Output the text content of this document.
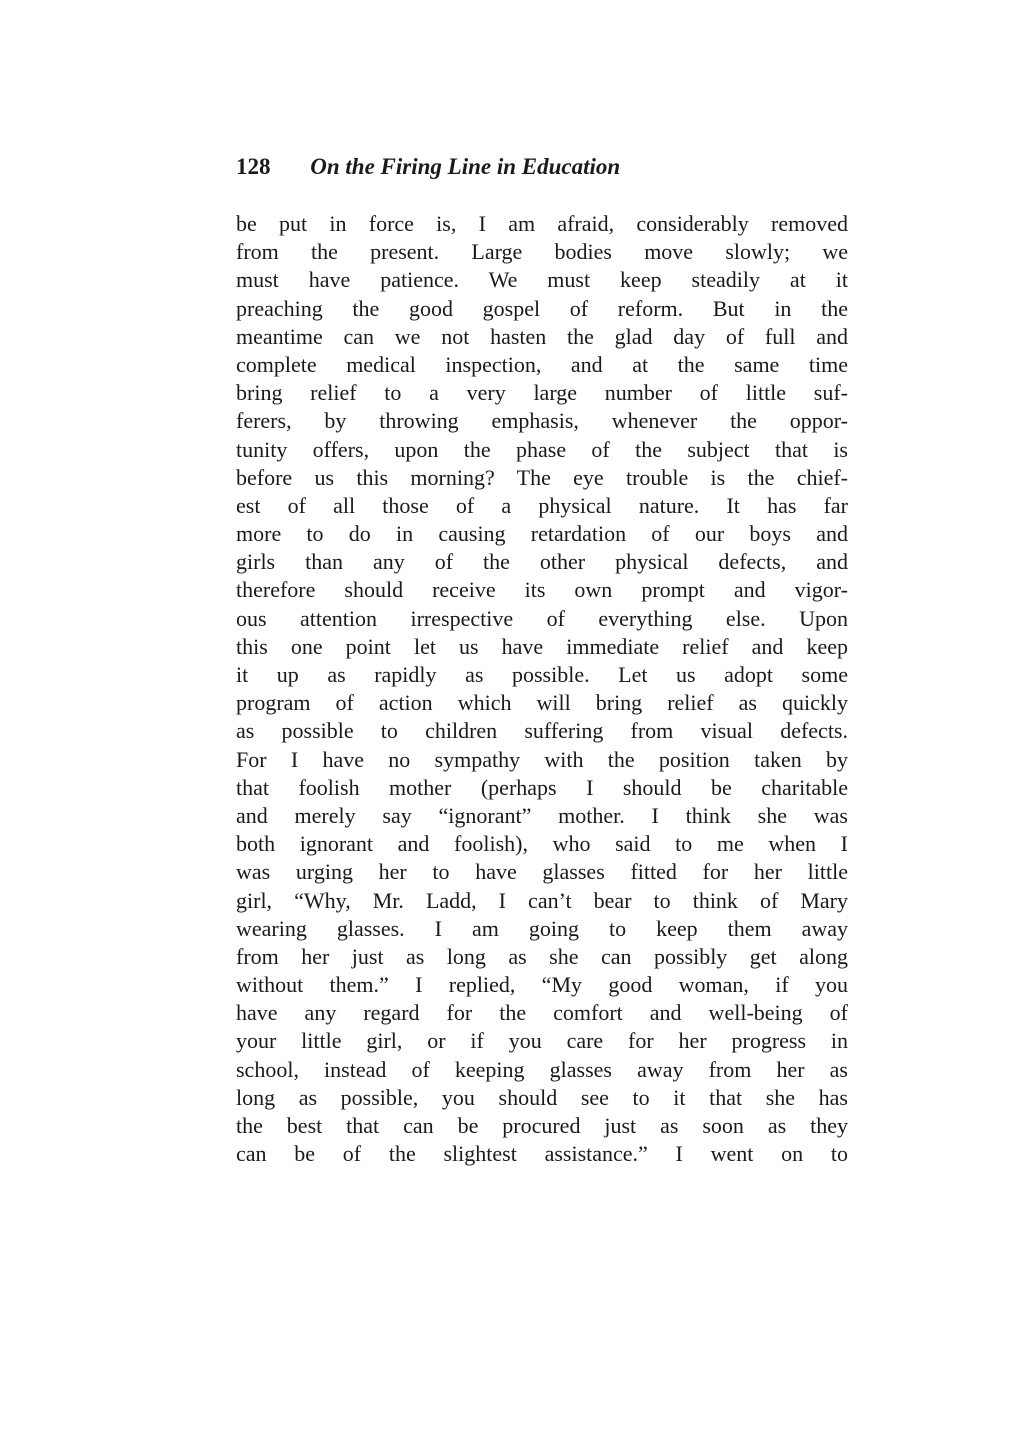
128 On the Firing Line in Education
be put in force is, I am afraid, considerably removed
from the present. Large bodies move slowly; we
must have patience. We must keep steadily at it
preaching the good gospel of reform. But in the
meantime can we not hasten the glad day of full and
complete medical inspection, and at the same time
bring relief to a very large number of little suf-
ferers, by throwing emphasis, whenever the oppor-
tunity offers, upon the phase of the subject that is
before us this morning? The eye trouble is the chief-
est of all those of a physical nature. It has far
more to do in causing retardation of our boys and
girls than any of the other physical defects, and
therefore should receive its own prompt and vigor-
ous attention irrespective of everything else. Upon
this one point let us have immediate relief and keep
it up as rapidly as possible. Let us adopt some
program of action which will bring relief as quickly
as possible to children suffering from visual defects.
For I have no sympathy with the position taken by
that foolish mother (perhaps I should be charitable
and merely say “ignorant” mother. I think she was
both ignorant and foolish), who said to me when I
was urging her to have glasses fitted for her little
girl, “Why, Mr. Ladd, I can’t bear to think of Mary
wearing glasses. I am going to keep them away
from her just as long as she can possibly get along
without them.” I replied, “My good woman, if you
have any regard for the comfort and well-being of
your little girl, or if you care for her progress in
school, instead of keeping glasses away from her as
long as possible, you should see to it that she has
the best that can be procured just as soon as they
can be of the slightest assistance.” I went on to
